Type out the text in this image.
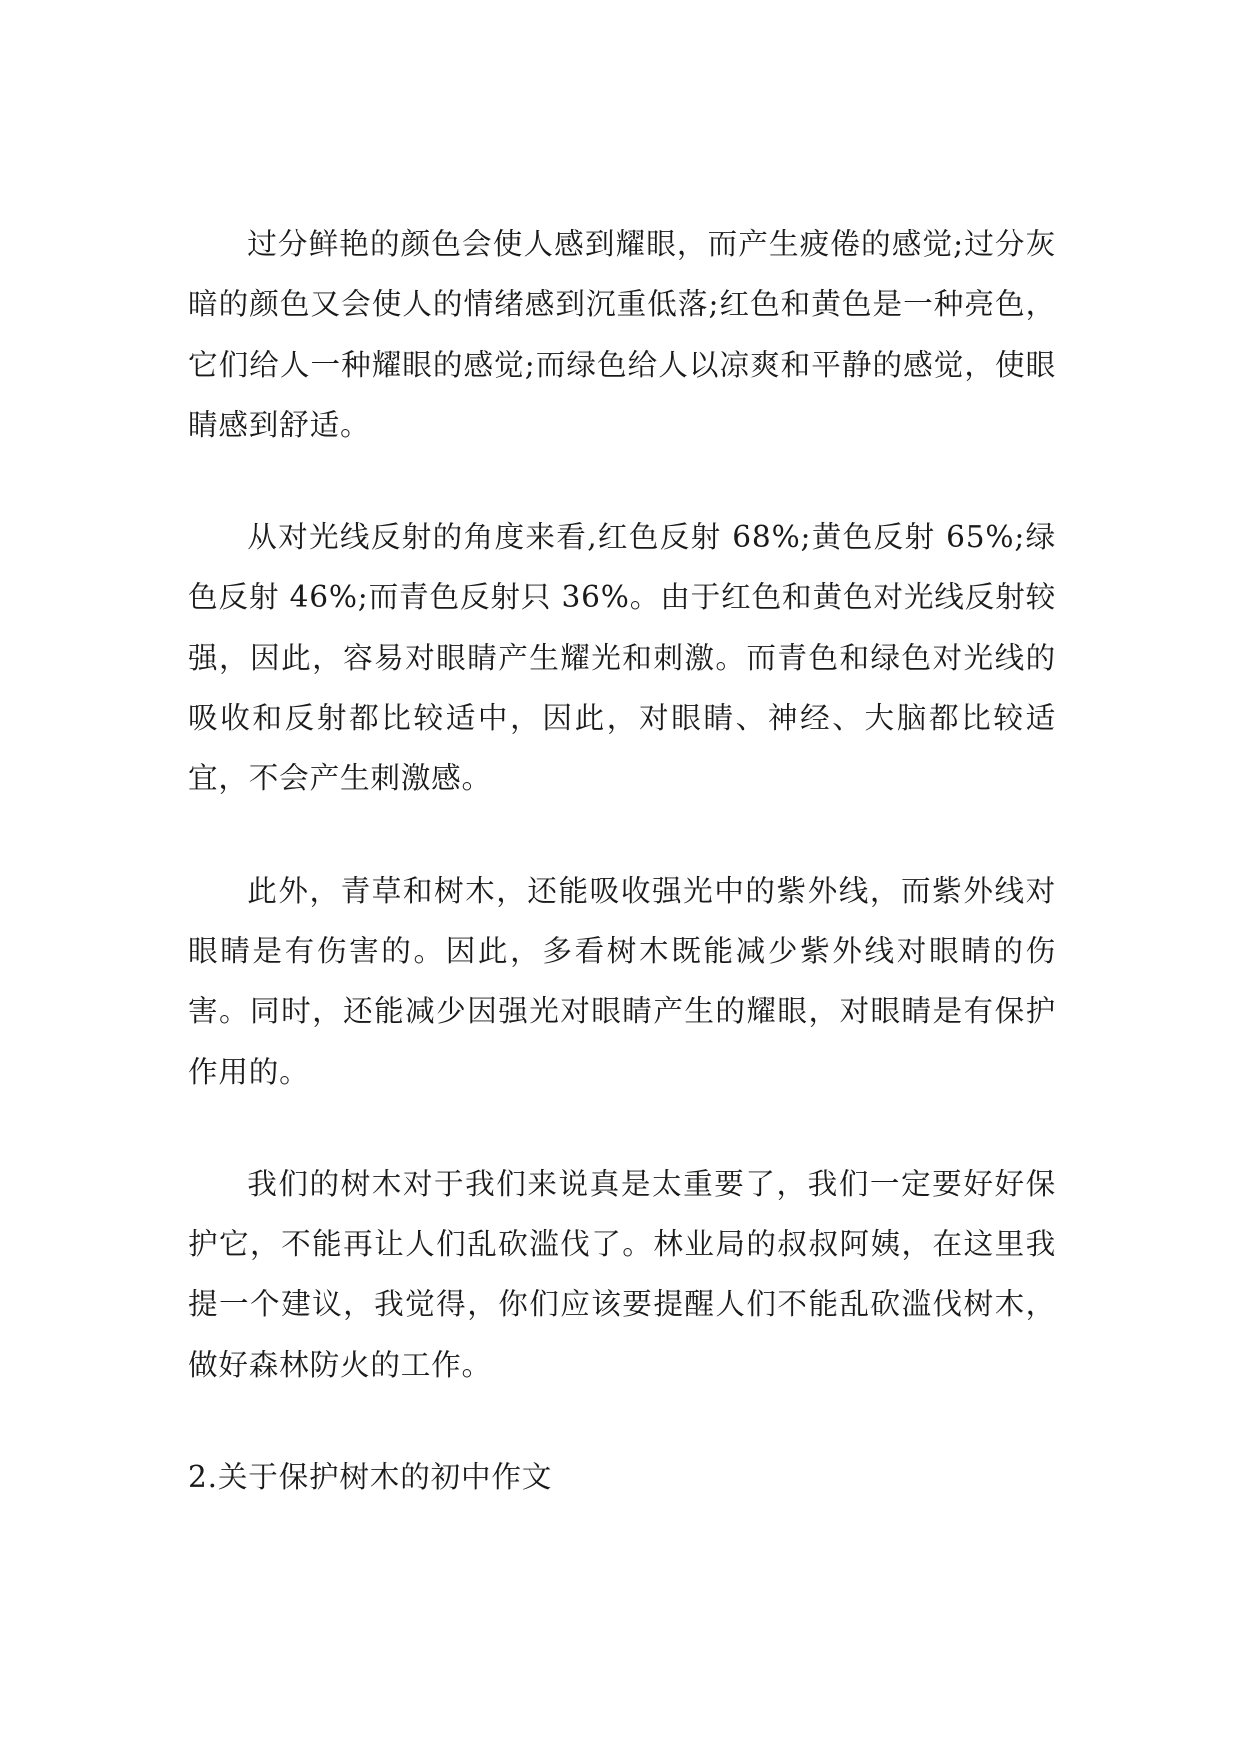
过分鲜艳的颜色会使人感到耀眼，而产生疲倦的感觉;过分灰暗的颜色又会使人的情绪感到沉重低落;红色和黄色是一种亮色，它们给人一种耀眼的感觉;而绿色给人以凉爽和平静的感觉，使眼睛感到舒适。

从对光线反射的角度来看,红色反射 68%;黄色反射 65%;绿色反射 46%;而青色反射只 36%。由于红色和黄色对光线反射较强，因此，容易对眼睛产生耀光和刺激。而青色和绿色对光线的吸收和反射都比较适中，因此，对眼睛、神经、大脑都比较适宜，不会产生刺激感。

此外，青草和树木，还能吸收强光中的紫外线，而紫外线对眼睛是有伤害的。因此，多看树木既能减少紫外线对眼睛的伤害。同时，还能减少因强光对眼睛产生的耀眼，对眼睛是有保护作用的。

我们的树木对于我们来说真是太重要了，我们一定要好好保护它，不能再让人们乱砍滥伐了。林业局的叔叔阿姨，在这里我提一个建议，我觉得，你们应该要提醒人们不能乱砍滥伐树木，做好森林防火的工作。

2.关于保护树木的初中作文
